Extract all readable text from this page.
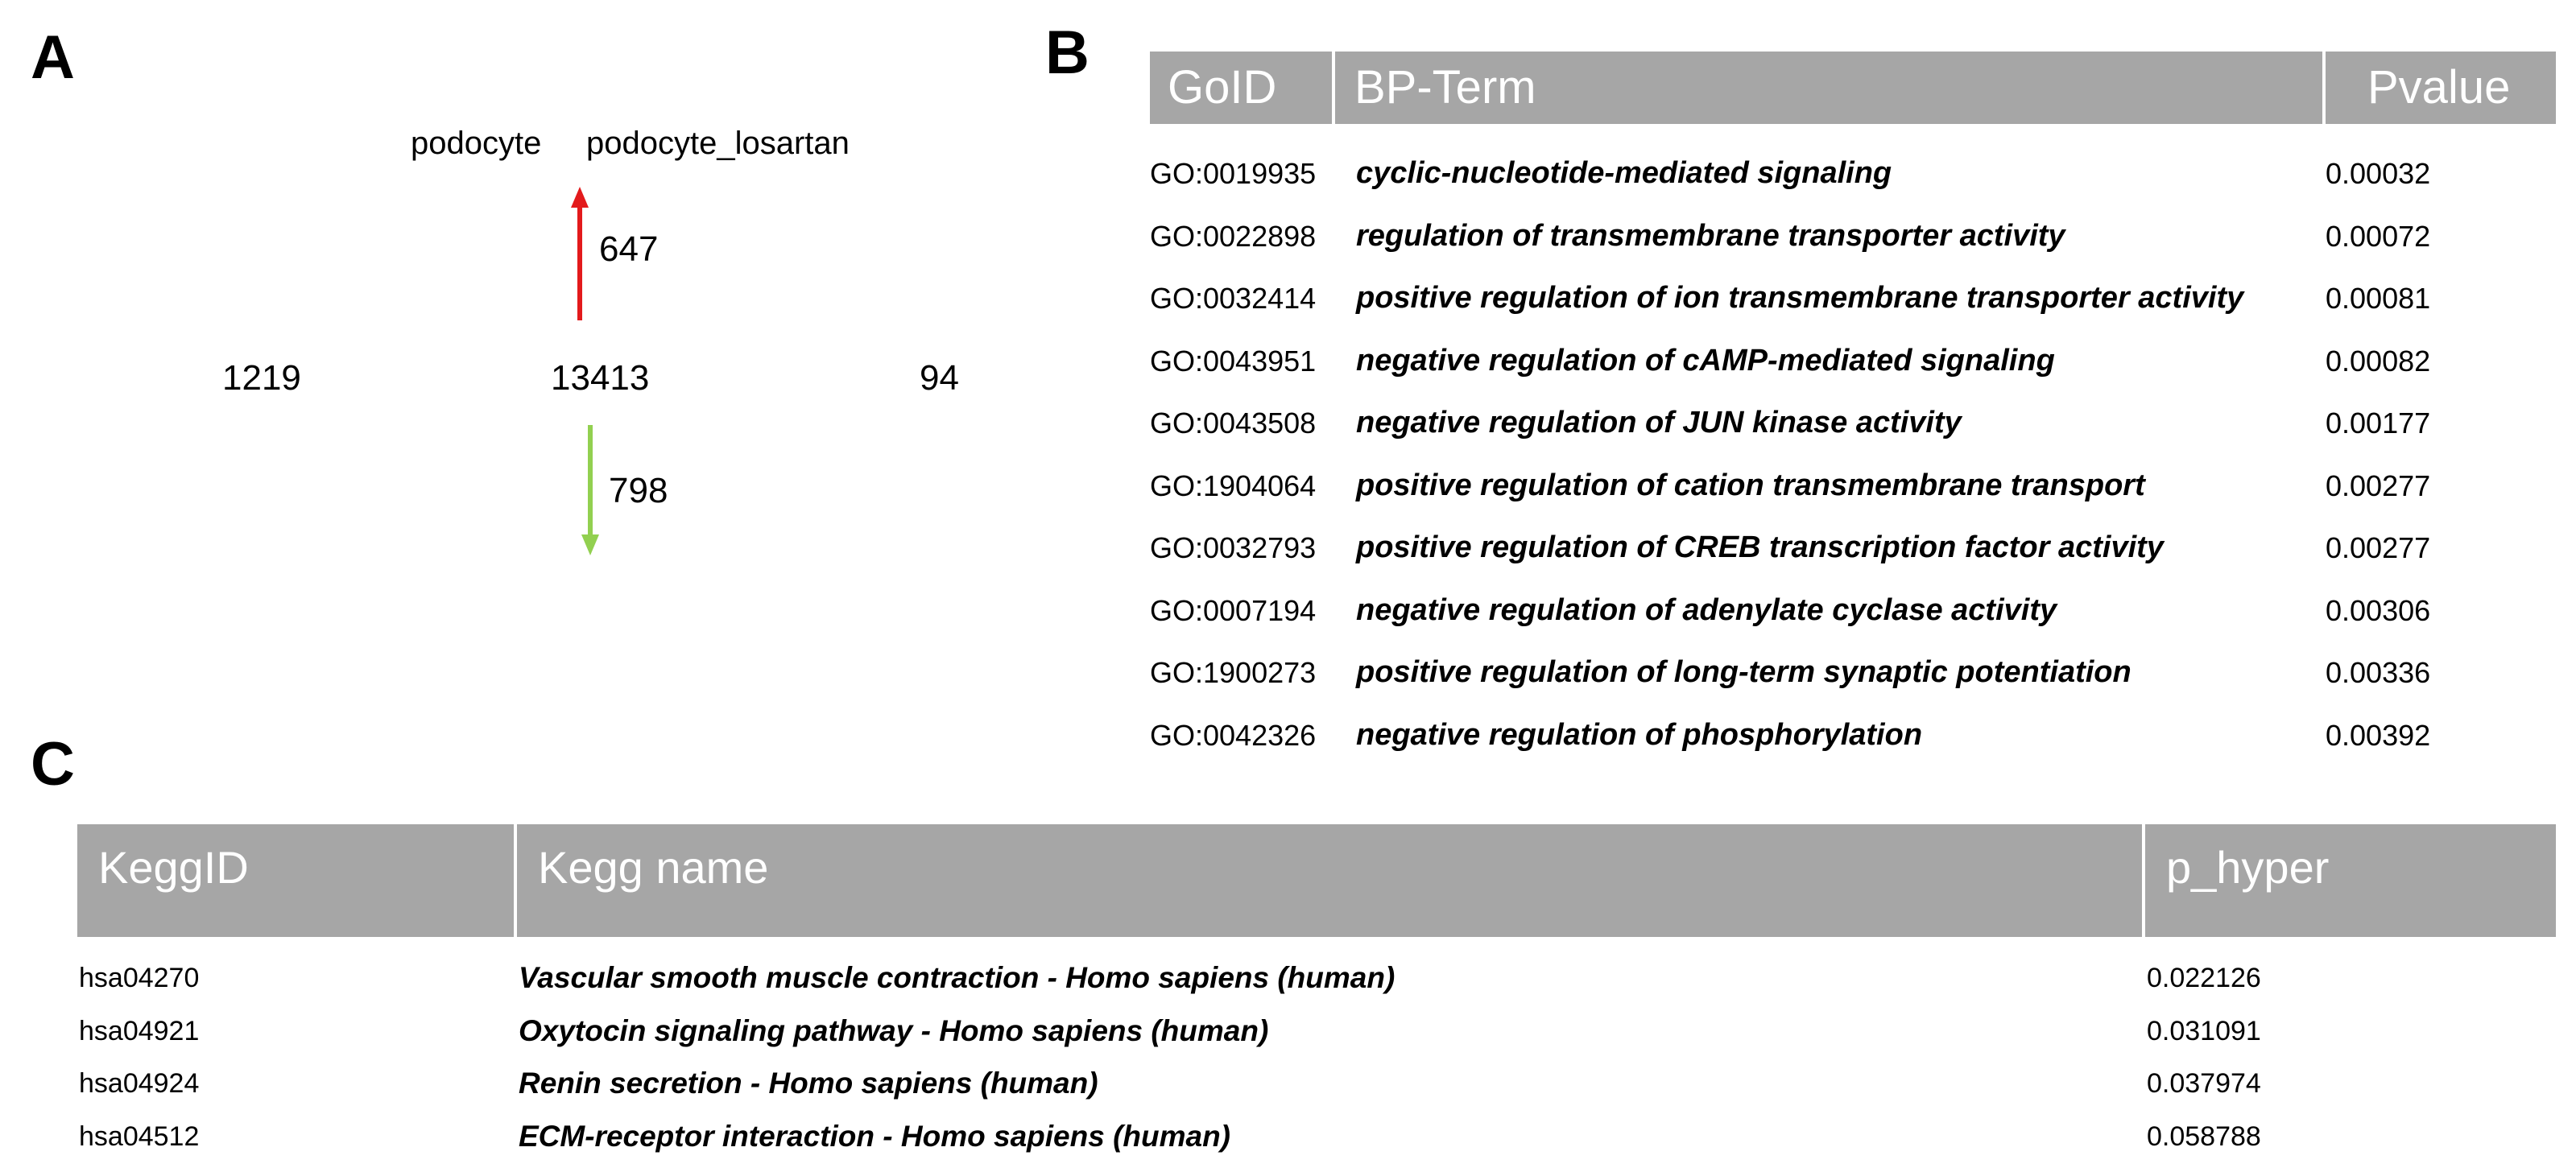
A	B
C
podocyte podocyte_losartan
647
798
1219	13413	94
GoID	BP-Term	Pvalue
GO:0019935 cyclic-nucleotide-mediated signaling	0.00032
GO:0022898 regulation of transmembrane transporter activity	0.00072
GO:0032414 positive regulation of ion transmembrane transporter activity	0.00081
GO:0043951 negative regulation of cAMP-mediated signaling	0.00082
GO:0043508 negative regulation of JUN kinase activity	0.00177
GO:1904064 positive regulation of cation transmembrane transport	0.00277
GO:0032793 positive regulation of CREB transcription factor activity	0.00277
GO:0007194 negative regulation of adenylate cyclase activity	0.00306
GO:1900273 positive regulation of long-term synaptic potentiation	0.00336
GO:0042326 negative regulation of phosphorylation	0.00392
KeggID	Kegg name	p_hyper
hsa04270	Vascular smooth muscle contraction - Homo sapiens (human)	0.022126
hsa04921	Oxytocin signaling pathway - Homo sapiens (human)	0.031091
hsa04924	Renin secretion - Homo sapiens (human)	0.037974
hsa04512	ECM-receptor interaction - Homo sapiens (human)	0.058788
